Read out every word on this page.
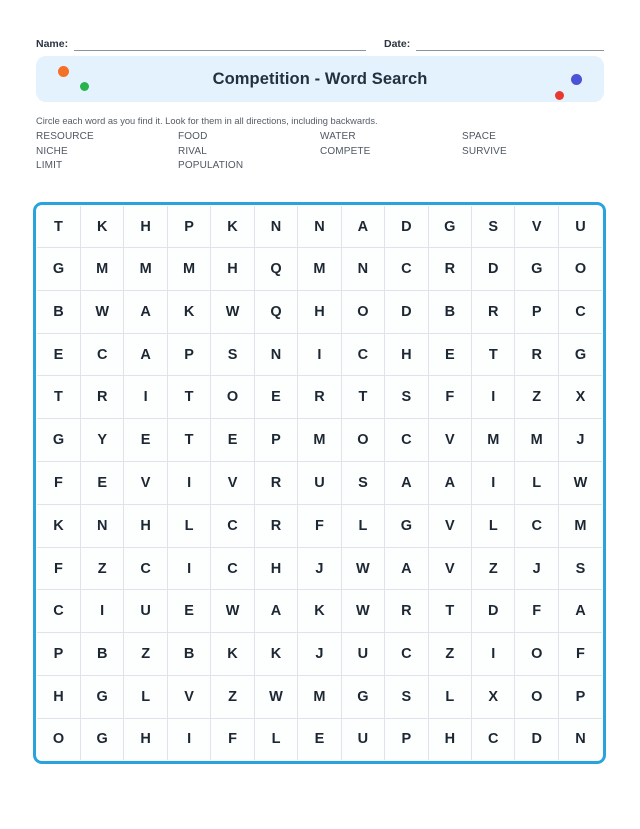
Name:	Date:
Competition - Word Search
Circle each word as you find it. Look for them in all directions, including backwards.
RESOURCE	FOOD	WATER	SPACE
NICHE	RIVAL	COMPETE	SURVIVE
LIMIT	POPULATION
T	K	H	P	K	N	N	A	D	G	S	V	U
G	M	M	M	H	Q	M	N	C	R	D	G	O
B	W	A	K	W	Q	H	O	D	B	R	P	C
E	C	A	P	S	N	I	C	H	E	T	R	G
T	R	I	T	O	E	R	T	S	F	I	Z	X
G	Y	E	T	E	P	M	O	C	V	M	M	J
F	E	V	I	V	R	U	S	A	A	I	L	W
K	N	H	L	C	R	F	L	G	V	L	C	M
F	Z	C	I	C	H	J	W	A	V	Z	J	S
C	I	U	E	W	A	K	W	R	T	D	F	A
P	B	Z	B	K	K	J	U	C	Z	I	O	F
H	G	L	V	Z	W	M	G	S	L	X	O	P
O	G	H	I	F	L	E	U	P	H	C	D	N
